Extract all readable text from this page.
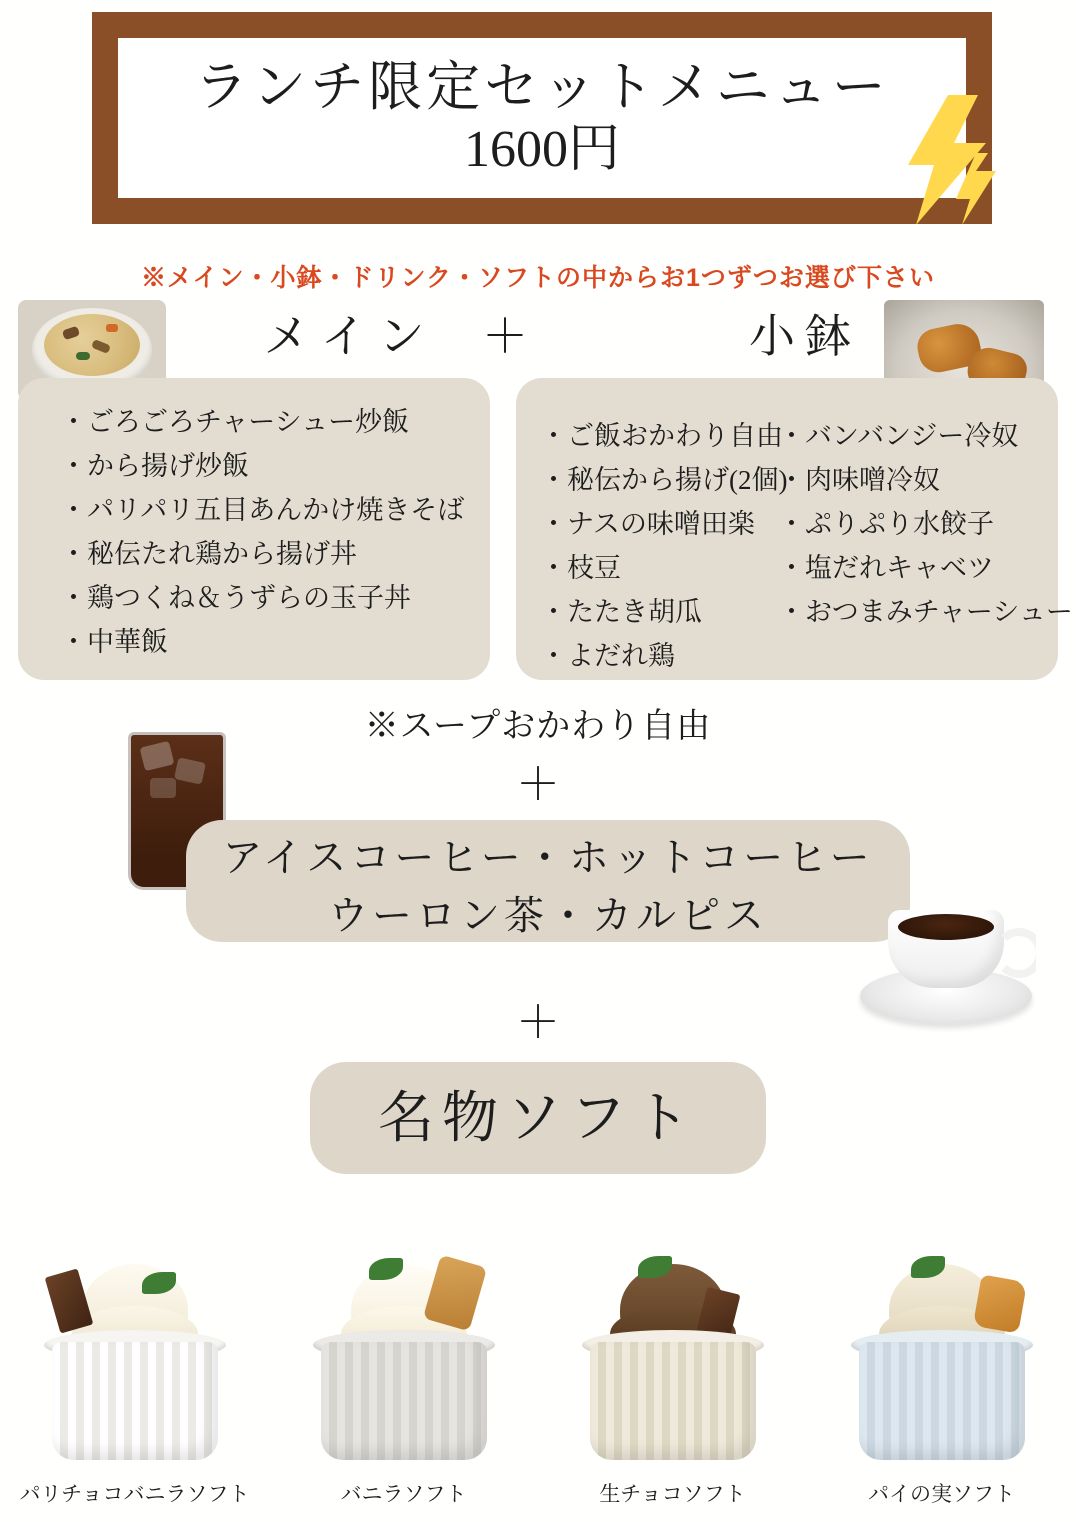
ランチ限定セットメニュー
1600円
※メイン・小鉢・ドリンク・ソフトの中からお1つずつお選び下さい
メイン ＋	小鉢
・ごろごろチャーシュー炒飯
・から揚げ炒飯
・パリパリ五目あんかけ焼きそば
・秘伝たれ鶏から揚げ丼
・鶏つくね＆うずらの玉子丼
・中華飯
・ご飯おかわり自由
・秘伝から揚げ(2個)
・ナスの味噌田楽
・枝豆
・たたき胡瓜
・よだれ鶏
・バンバンジー冷奴
・肉味噌冷奴
・ぷりぷり水餃子
・塩だれキャベツ
・おつまみチャーシュー
※スープおかわり自由
＋
アイスコーヒー・ホットコーヒー
ウーロン茶・カルピス
＋
名物ソフト
パリチョコバニラソフト	バニラソフト	生チョコソフト	パイの実ソフト
